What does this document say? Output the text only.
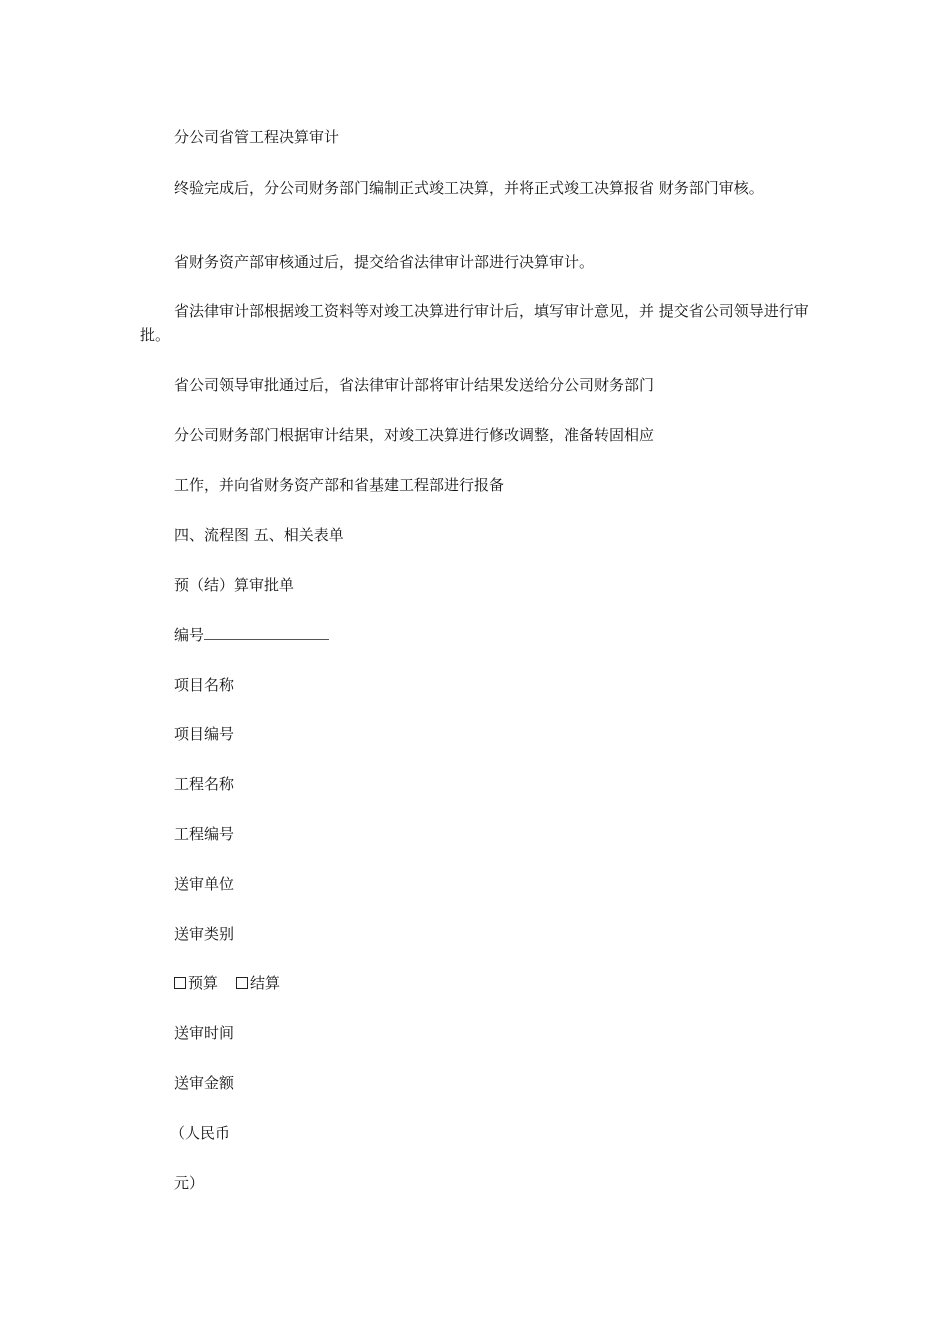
分公司省管工程决算审计

终验完成后，分公司财务部门编制正式竣工决算，并将正式竣工决算报省 财务部门审核。

省财务资产部审核通过后，提交给省法律审计部进行决算审计。

省法律审计部根据竣工资料等对竣工决算进行审计后，填写审计意见，并 提交省公司领导进行审批。

省公司领导审批通过后，省法律审计部将审计结果发送给分公司财务部门

分公司财务部门根据审计结果，对竣工决算进行修改调整，准备转固相应

工作，并向省财务资产部和省基建工程部进行报备

四、流程图 五、相关表单

预（结）算审批单

编号

项目名称

项目编号

工程名称

工程编号

送审单位

送审类别

预算 结算

送审时间

送审金额

（人民币

元）
